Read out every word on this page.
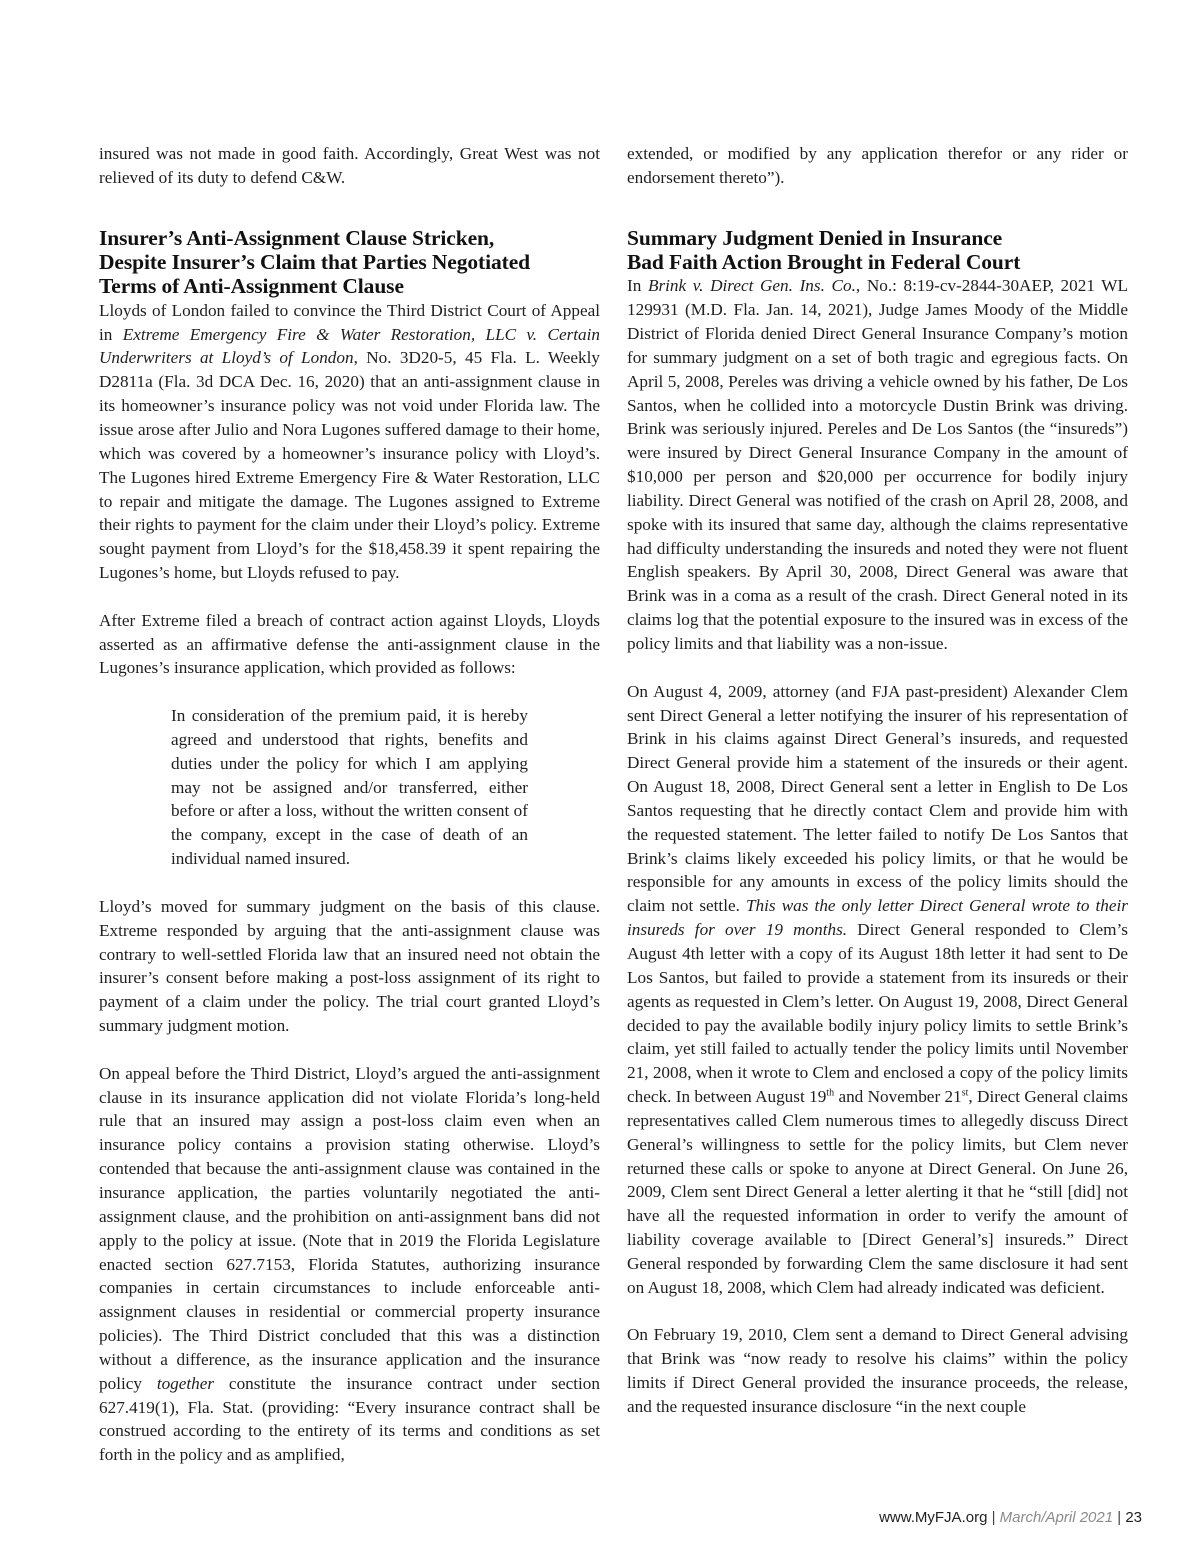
insured was not made in good faith. Accordingly, Great West was not relieved of its duty to defend C&W.

Insurer’s Anti-Assignment Clause Stricken,
Despite Insurer’s Claim that Parties Negotiated
Terms of Anti-Assignment Clause

Lloyds of London failed to convince the Third District Court of Appeal in Extreme Emergency Fire & Water Restoration, LLC v. Certain Underwriters at Lloyd’s of London, No. 3D20-5, 45 Fla. L. Weekly D2811a (Fla. 3d DCA Dec. 16, 2020) that an anti-assignment clause in its homeowner’s insurance policy was not void under Florida law. The issue arose after Julio and Nora Lugones suffered damage to their home, which was covered by a homeowner’s insurance policy with Lloyd’s. The Lugones hired Extreme Emergency Fire & Water Restoration, LLC to repair and mitigate the damage. The Lugones assigned to Extreme their rights to payment for the claim under their Lloyd’s policy. Extreme sought payment from Lloyd’s for the $18,458.39 it spent repairing the Lugones’s home, but Lloyds refused to pay.

After Extreme filed a breach of contract action against Lloyds, Lloyds asserted as an affirmative defense the anti-assignment clause in the Lugones’s insurance application, which provided as follows:

In consideration of the premium paid, it is hereby agreed and understood that rights, benefits and duties under the policy for which I am applying may not be assigned and/or transferred, either before or after a loss, without the written consent of the company, except in the case of death of an individual named insured.

Lloyd’s moved for summary judgment on the basis of this clause. Extreme responded by arguing that the anti-assignment clause was contrary to well-settled Florida law that an insured need not obtain the insurer’s consent before making a post-loss assignment of its right to payment of a claim under the policy. The trial court granted Lloyd’s summary judgment motion.

On appeal before the Third District, Lloyd’s argued the anti-assignment clause in its insurance application did not violate Florida’s long-held rule that an insured may assign a post-loss claim even when an insurance policy contains a provision stating otherwise. Lloyd’s contended that because the anti-assignment clause was contained in the insurance application, the parties voluntarily negotiated the anti-assignment clause, and the prohibition on anti-assignment bans did not apply to the policy at issue. (Note that in 2019 the Florida Legislature enacted section 627.7153, Florida Statutes, authorizing insurance companies in certain circumstances to include enforceable anti-assignment clauses in residential or commercial property insurance policies). The Third District concluded that this was a distinction without a difference, as the insurance application and the insurance policy together constitute the insurance contract under section 627.419(1), Fla. Stat. (providing: “Every insurance contract shall be construed according to the entirety of its terms and conditions as set forth in the policy and as amplified,

extended, or modified by any application therefor or any rider or endorsement thereto”).

Summary Judgment Denied in Insurance
Bad Faith Action Brought in Federal Court

In Brink v. Direct Gen. Ins. Co., No.: 8:19-cv-2844-30AEP, 2021 WL 129931 (M.D. Fla. Jan. 14, 2021), Judge James Moody of the Middle District of Florida denied Direct General Insurance Company’s motion for summary judgment on a set of both tragic and egregious facts. On April 5, 2008, Pereles was driving a vehicle owned by his father, De Los Santos, when he collided into a motorcycle Dustin Brink was driving. Brink was seriously injured. Pereles and De Los Santos (the “insureds”) were insured by Direct General Insurance Company in the amount of $10,000 per person and $20,000 per occurrence for bodily injury liability. Direct General was notified of the crash on April 28, 2008, and spoke with its insured that same day, although the claims representative had difficulty understanding the insureds and noted they were not fluent English speakers. By April 30, 2008, Direct General was aware that Brink was in a coma as a result of the crash. Direct General noted in its claims log that the potential exposure to the insured was in excess of the policy limits and that liability was a non-issue.

On August 4, 2009, attorney (and FJA past-president) Alexander Clem sent Direct General a letter notifying the insurer of his representation of Brink in his claims against Direct General’s insureds, and requested Direct General provide him a statement of the insureds or their agent. On August 18, 2008, Direct General sent a letter in English to De Los Santos requesting that he directly contact Clem and provide him with the requested statement. The letter failed to notify De Los Santos that Brink’s claims likely exceeded his policy limits, or that he would be responsible for any amounts in excess of the policy limits should the claim not settle. This was the only letter Direct General wrote to their insureds for over 19 months. Direct General responded to Clem’s August 4th letter with a copy of its August 18th letter it had sent to De Los Santos, but failed to provide a statement from its insureds or their agents as requested in Clem’s letter. On August 19, 2008, Direct General decided to pay the available bodily injury policy limits to settle Brink’s claim, yet still failed to actually tender the policy limits until November 21, 2008, when it wrote to Clem and enclosed a copy of the policy limits check. In between August 19th and November 21st, Direct General claims representatives called Clem numerous times to allegedly discuss Direct General’s willingness to settle for the policy limits, but Clem never returned these calls or spoke to anyone at Direct General. On June 26, 2009, Clem sent Direct General a letter alerting it that he “still [did] not have all the requested information in order to verify the amount of liability coverage available to [Direct General’s] insureds.” Direct General responded by forwarding Clem the same disclosure it had sent on August 18, 2008, which Clem had already indicated was deficient.

On February 19, 2010, Clem sent a demand to Direct General advising that Brink was “now ready to resolve his claims” within the policy limits if Direct General provided the insurance proceeds, the release, and the requested insurance disclosure “in the next couple

www.MyFJA.org | March/April 2021 | 23
